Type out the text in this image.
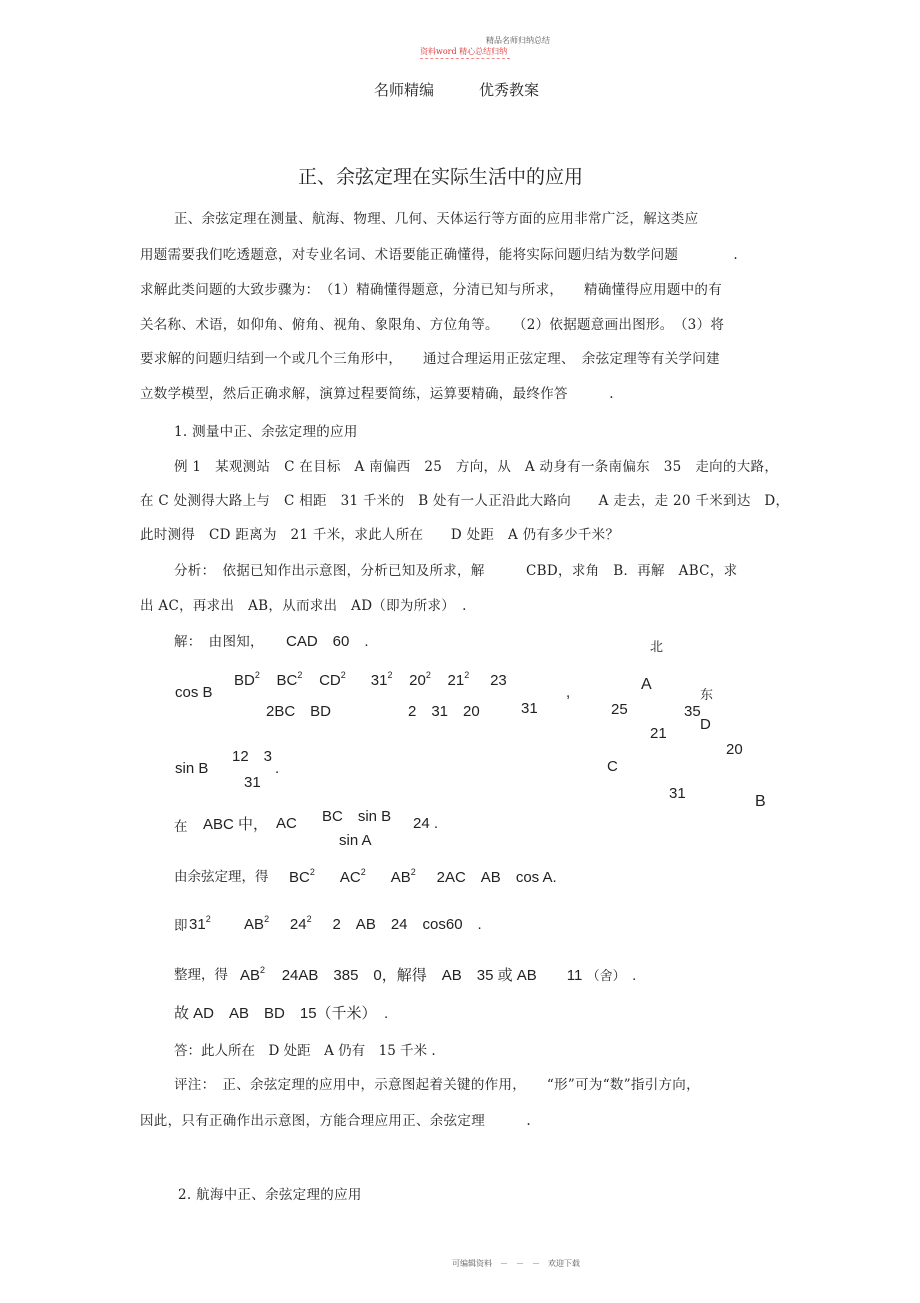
精品名师归纳总结
资料word 精心总结归纳
名师精编　　　优秀教案
正、余弦定理在实际生活中的应用
正、余弦定理在测量、航海、物理、几何、天体运行等方面的应用非常广泛，解这类应
用题需要我们吃透题意，对专业名词、术语要能正确懂得，能将实际问题归结为数学问题　　　　.
求解此类问题的大致步骤为：　（1）精确懂得题意，分清已知与所求，　　精确懂得应用题中的有
关名称、术语，如仰角、俯角、视角、象限角、方位角等。　　（2）依据题意画出图形。　（3）将
要求解的问题归结到一个或几个三角形中，　　通过合理运用正弦定理、　余弦定理等有关学问建
立数学模型，然后正确求解，演算过程要简练，运算要精确，最终作答　　　.
1. 测量中正、余弦定理的应用
例 1　某观测站　C 在目标　A 南偏西　25　方向，从　A 动身有一条南偏东　35　走向的大路，
在 C 处测得大路上与　C 相距　31 千米的　B 处有一人正沿此大路向　　A 走去，走 20 千米到达　D，
此时测得　CD 距离为　21 千米，求此人所在　　D 处距　A 仍有多少千米？
分析：　依据已知作出示意图，分析已知及所求，解　　　CBD，求角　B．再解　ABC，求
出 AC，再求出　AB，从而求出　AD（即为所求）　.
解：　由图知， CAD　60　.
cos B
$BD^2$ $BC^2$ $CD^2$ $31^2$ $20^2$ $21^2$ 23
2BC　BD	2　31　20	31
,
sin B
12　3
31
.
在 ABC 中， AC BC　sin B
sin A
24 .
由余弦定理，得 $BC^2$ $AC^2$ $AB^2$ 2AC　AB　cos A.
即 $31^2$ $AB^2$ $24^2$ 2　AB　24　cos60　.
整理，得 $AB^2$ 24AB　385　0，解得　AB　35 或 AB　　11 （舍）　.
故 AD　AB　BD　15（千米）　.
答：此人所在　D 处距　A 仍有　15 千米 .
评注：　正、余弦定理的应用中，示意图起着关键的作用，　　“形”可为“数”指引方向，
因此，只有正确作出示意图，方能合理应用正、余弦定理　　　.
2. 航海中正、余弦定理的应用
北
A
东
25	35
D
21
20
C
31	B
可编辑资料　－　－　－　欢迎下载
